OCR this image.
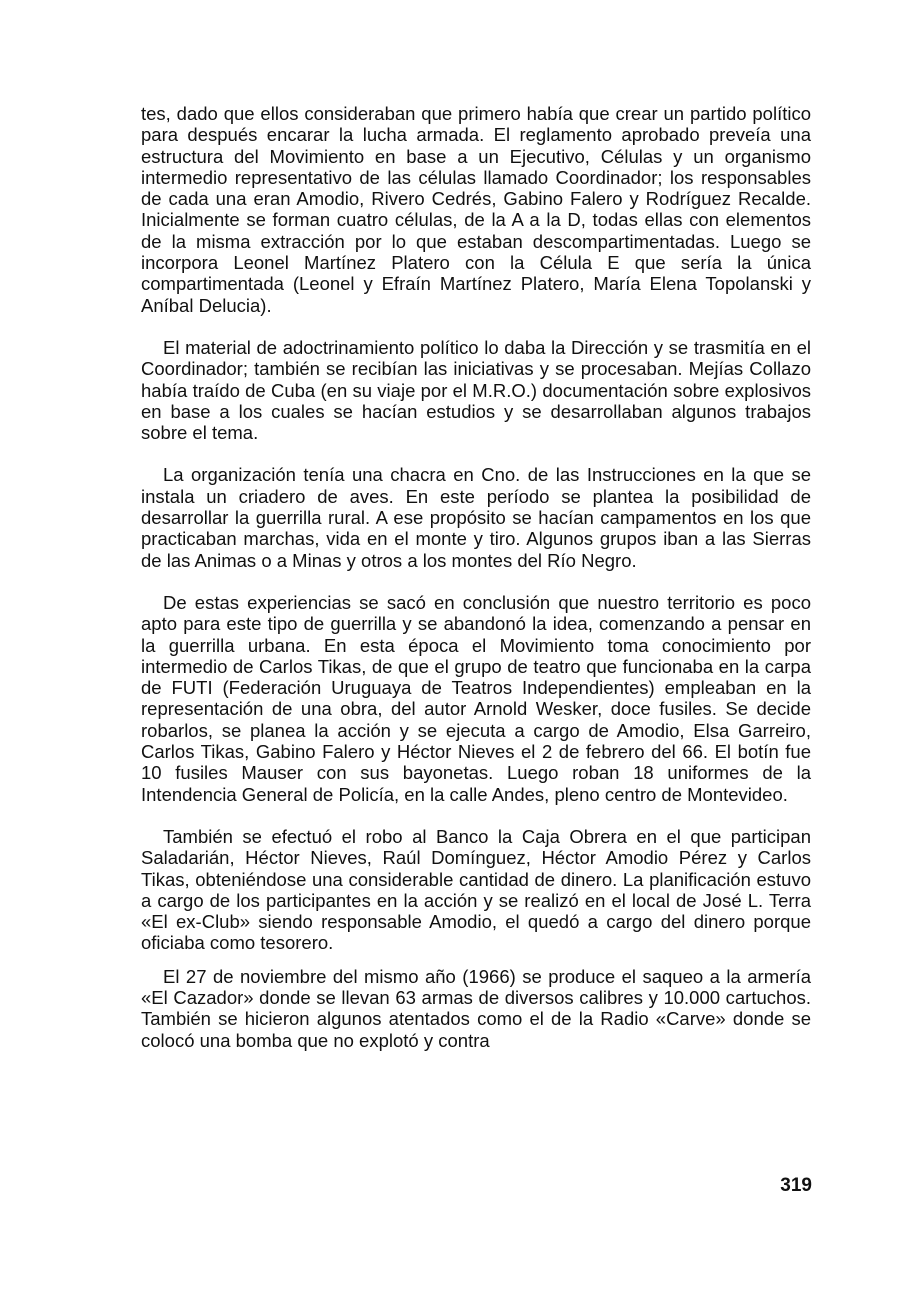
tes, dado que ellos consideraban que primero había que crear un partido político para después encarar la lucha armada. El reglamento aprobado preveía una estructura del Movimiento en base a un Ejecutivo, Células y un organismo intermedio representativo de las células llamado Coordinador; los responsables de cada una eran Amodio, Rivero Cedrés, Gabino Falero y Rodríguez Recalde. Inicialmente se forman cuatro células, de la A a la D, todas ellas con elementos de la misma extracción por lo que estaban descompartimentadas. Luego se incorpora Leonel Martínez Platero con la Célula E que sería la única compartimentada (Leonel y Efraín Martínez Platero, María Elena Topolanski y Aníbal Delucia).

El material de adoctrinamiento político lo daba la Dirección y se trasmitía en el Coordinador; también se recibían las iniciativas y se procesaban. Mejías Collazo había traído de Cuba (en su viaje por el M.R.O.) documentación sobre explosivos en base a los cuales se hacían estudios y se desarrollaban algunos trabajos sobre el tema.

La organización tenía una chacra en Cno. de las Instrucciones en la que se instala un criadero de aves. En este período se plantea la posibilidad de desarrollar la guerrilla rural. A ese propósito se hacían campamentos en los que practicaban marchas, vida en el monte y tiro. Algunos grupos iban a las Sierras de las Animas o a Minas y otros a los montes del Río Negro.

De estas experiencias se sacó en conclusión que nuestro territorio es poco apto para este tipo de guerrilla y se abandonó la idea, comenzando a pensar en la guerrilla urbana. En esta época el Movimiento toma conocimiento por intermedio de Carlos Tikas, de que el grupo de teatro que funcionaba en la carpa de FUTI (Federación Uruguaya de Teatros Independientes) empleaban en la representación de una obra, del autor Arnold Wesker, doce fusiles. Se decide robarlos, se planea la acción y se ejecuta a cargo de Amodio, Elsa Garreiro, Carlos Tikas, Gabino Falero y Héctor Nieves el 2 de febrero del 66. El botín fue 10 fusiles Mauser con sus bayonetas. Luego roban 18 uniformes de la Intendencia General de Policía, en la calle Andes, pleno centro de Montevideo.

También se efectuó el robo al Banco la Caja Obrera en el que participan Saladarián, Héctor Nieves, Raúl Domínguez, Héctor Amodio Pérez y Carlos Tikas, obteniéndose una considerable cantidad de dinero. La planificación estuvo a cargo de los participantes en la acción y se realizó en el local de José L. Terra «El ex-Club» siendo responsable Amodio, el quedó a cargo del dinero porque oficiaba como tesorero.

El 27 de noviembre del mismo año (1966) se produce el saqueo a la armería «El Cazador» donde se llevan 63 armas de diversos calibres y 10.000 cartuchos. También se hicieron algunos atentados como el de la Radio «Carve» donde se colocó una bomba que no explotó y contra

319
